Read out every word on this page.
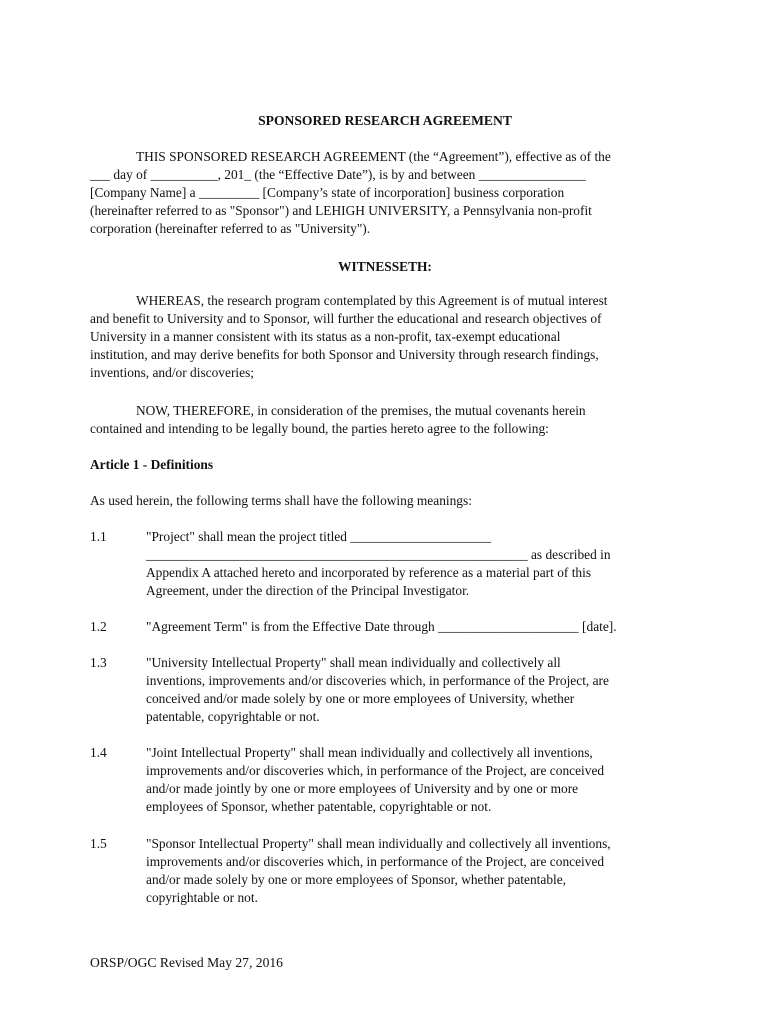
SPONSORED RESEARCH AGREEMENT
THIS SPONSORED RESEARCH AGREEMENT (the “Agreement”), effective as of the
___ day of __________, 201_ (the “Effective Date”), is by and between ________________
[Company Name] a _________ [Company’s state of incorporation] business corporation
(hereinafter referred to as "Sponsor") and LEHIGH UNIVERSITY, a Pennsylvania non-profit
corporation (hereinafter referred to as "University").
WITNESSETH:
WHEREAS, the research program contemplated by this Agreement is of mutual interest
and benefit to University and to Sponsor, will further the educational and research objectives of
University in a manner consistent with its status as a non-profit, tax-exempt educational
institution, and may derive benefits for both Sponsor and University through research findings,
inventions, and/or discoveries;
NOW, THEREFORE, in consideration of the premises, the mutual covenants herein
contained and intending to be legally bound, the parties hereto agree to the following:
Article 1 - Definitions
As used herein, the following terms shall have the following meanings:
1.1	"Project" shall mean the project titled _____________________
_________________________________________________________ as described in
Appendix A attached hereto and incorporated by reference as a material part of this
Agreement, under the direction of the Principal Investigator.
1.2	"Agreement Term" is from the Effective Date through _____________________ [date].
1.3	"University Intellectual Property" shall mean individually and collectively all
inventions, improvements and/or discoveries which, in performance of the Project, are
conceived and/or made solely by one or more employees of University, whether
patentable, copyrightable or not.
1.4	"Joint Intellectual Property" shall mean individually and collectively all inventions,
improvements and/or discoveries which, in performance of the Project, are conceived
and/or made jointly by one or more employees of University and by one or more
employees of Sponsor, whether patentable, copyrightable or not.
1.5	"Sponsor Intellectual Property" shall mean individually and collectively all inventions,
improvements and/or discoveries which, in performance of the Project, are conceived
and/or made solely by one or more employees of Sponsor, whether patentable,
copyrightable or not.
ORSP/OGC Revised May 27, 2016
